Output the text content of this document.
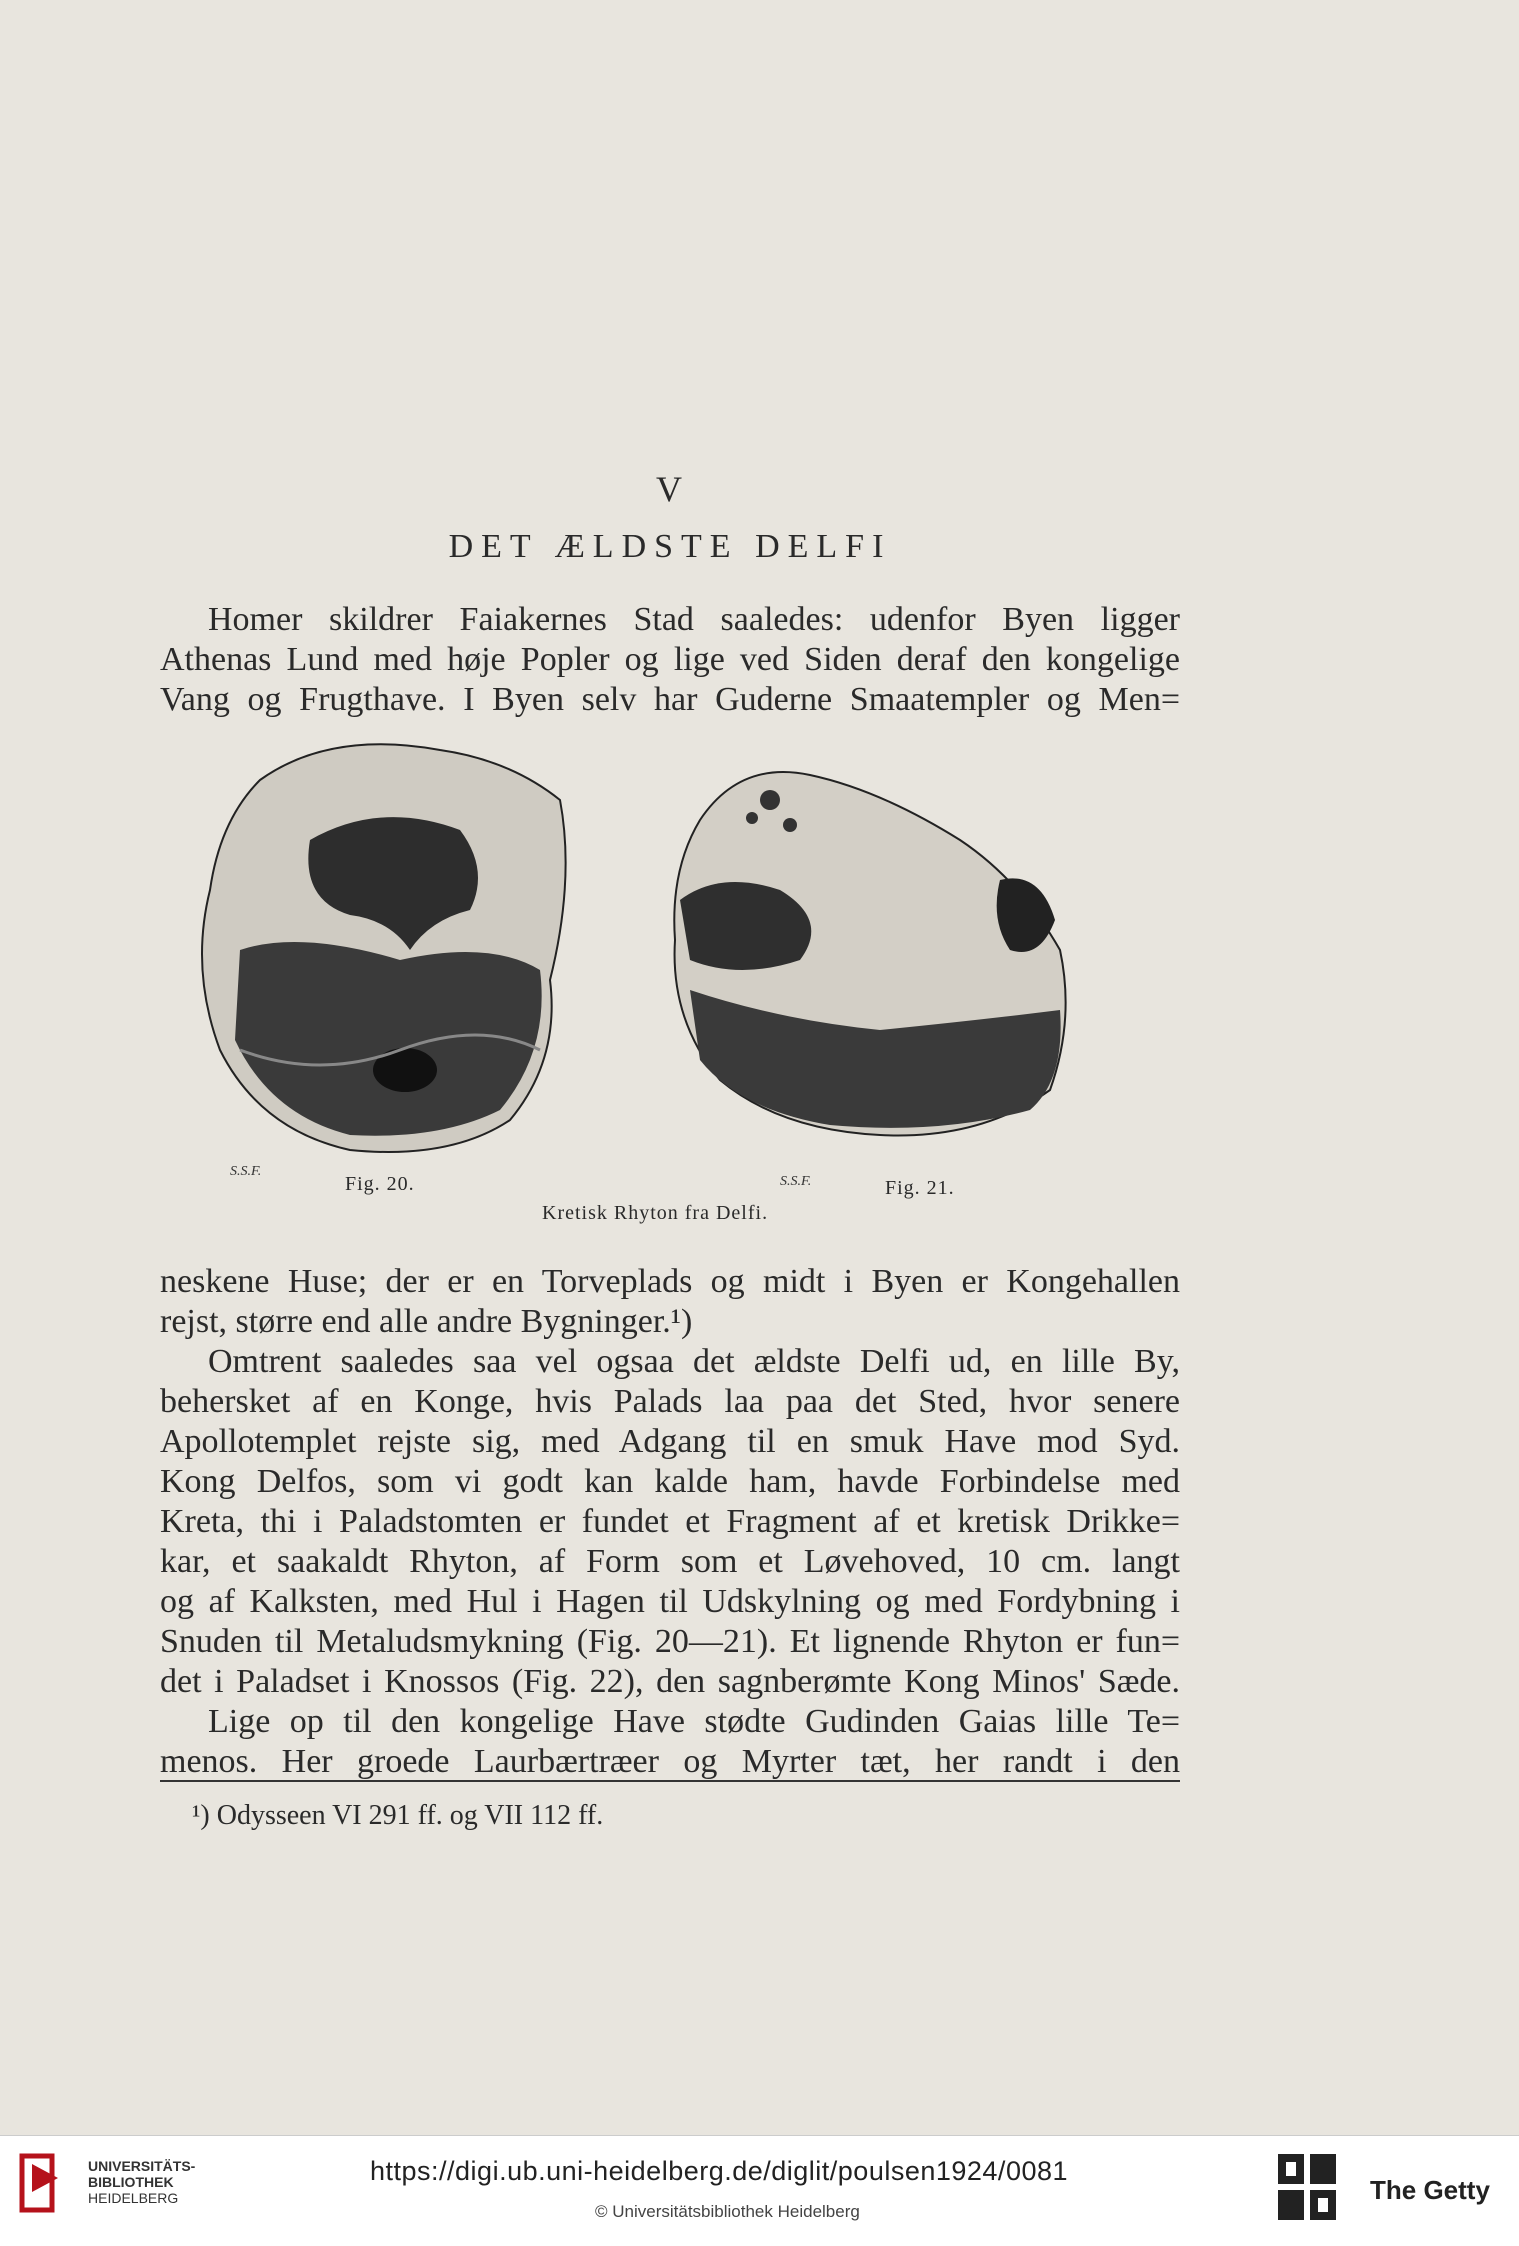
V
DET ÆLDSTE DELFI

Homer skildrer Faiakernes Stad saaledes: udenfor Byen ligger

Athenas Lund med høje Popler og lige ved Siden deraf den kongelige

Vang og Frugthave. I Byen selv har Guderne Smaatempler og Men=

S.S.F.
S.S.F.
Fig. 20.	Fig. 21.
Kretisk Rhyton fra Delfi.

neskene Huse; der er en Torveplads og midt i Byen er Kongehallen

rejst, større end alle andre Bygninger.¹)

Omtrent saaledes saa vel ogsaa det ældste Delfi ud, en lille By,

behersket af en Konge, hvis Palads laa paa det Sted, hvor senere

Apollotemplet rejste sig, med Adgang til en smuk Have mod Syd.

Kong Delfos, som vi godt kan kalde ham, havde Forbindelse med

Kreta, thi i Paladstomten er fundet et Fragment af et kretisk Drikke=

kar, et saakaldt Rhyton, af Form som et Løvehoved, 10 cm. langt

og af Kalksten, med Hul i Hagen til Udskylning og med Fordybning i

Snuden til Metaludsmykning (Fig. 20—21). Et lignende Rhyton er fun=

det i Paladset i Knossos (Fig. 22), den sagnberømte Kong Minos' Sæde.

Lige op til den kongelige Have stødte Gudinden Gaias lille Te=

menos. Her groede Laurbærtræer og Myrter tæt, her randt i den

¹) Odysseen VI 291 ff. og VII 112 ff.
UNIVERSITÄTS-
BIBLIOTHEK
HEIDELBERG
https://digi.ub.uni-heidelberg.de/diglit/poulsen1924/0081
© Universitätsbibliothek Heidelberg
The Getty
